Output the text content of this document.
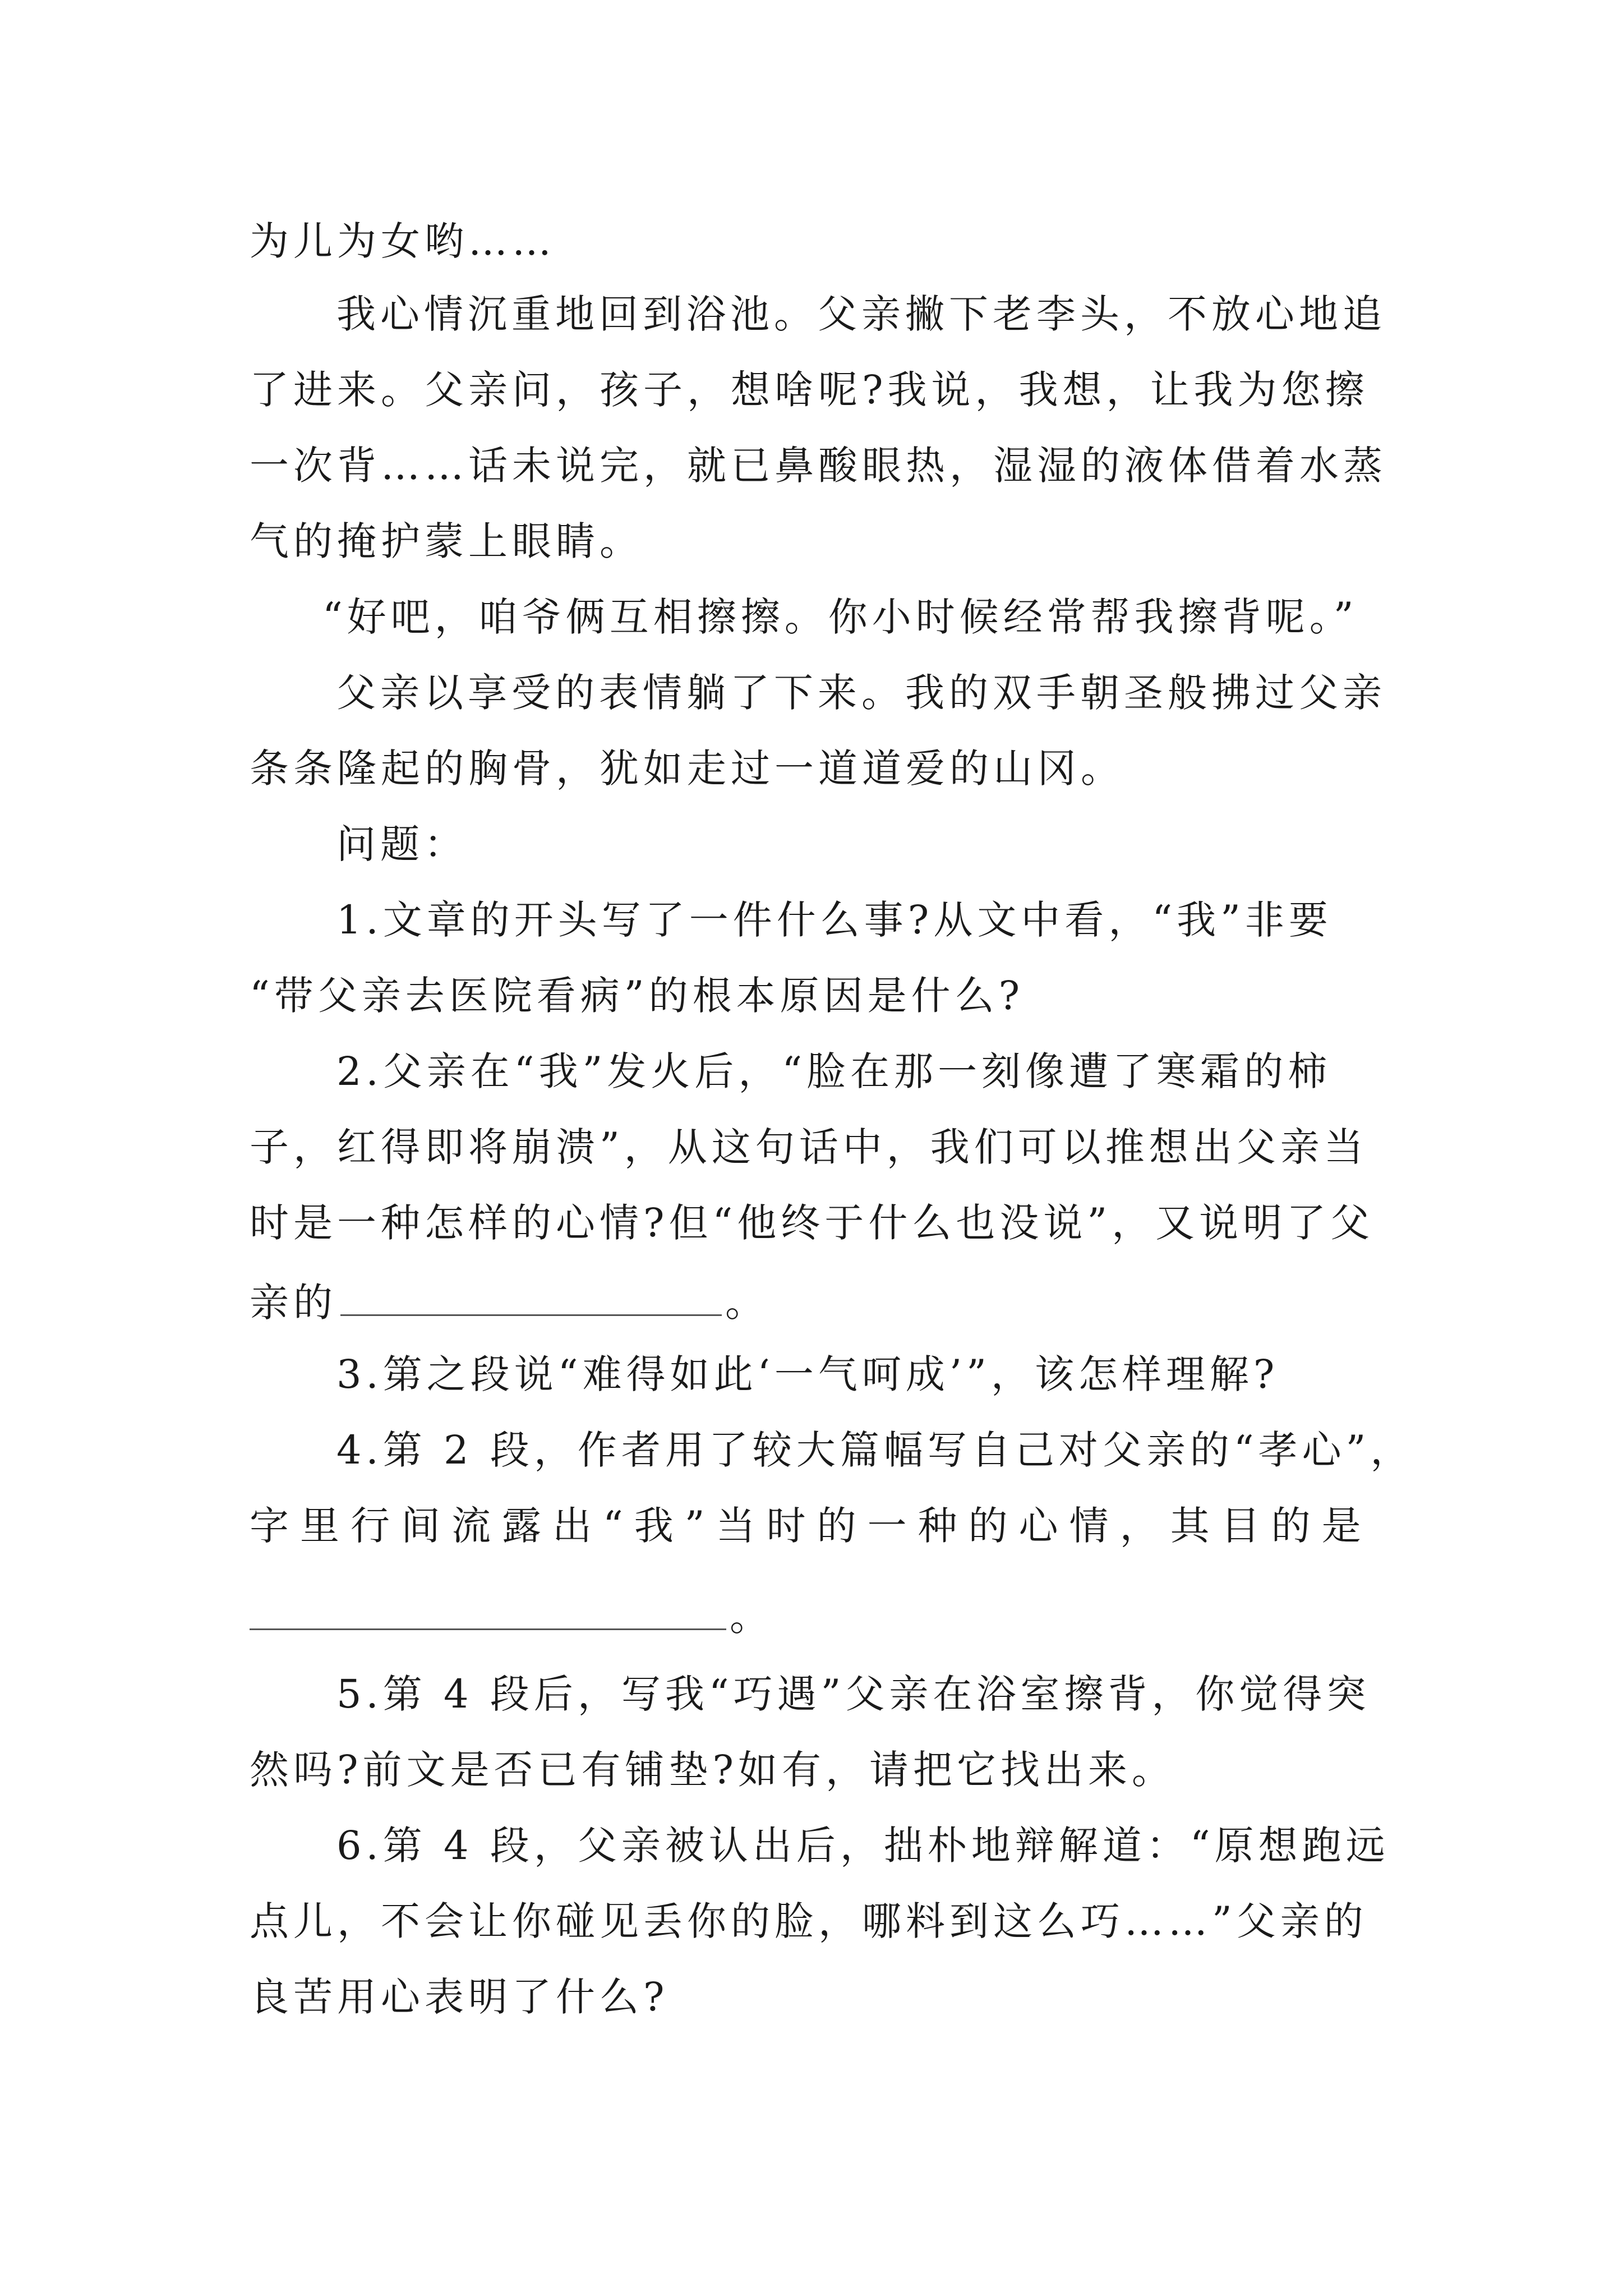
为儿为女哟……
我心情沉重地回到浴池。父亲撇下老李头，不放心地追
了进来。父亲问，孩子，想啥呢?我说，我想，让我为您擦
一次背……话未说完，就已鼻酸眼热，湿湿的液体借着水蒸
气的掩护蒙上眼睛。
“好吧，咱爷俩互相擦擦。你小时候经常帮我擦背呢。”
父亲以享受的表情躺了下来。我的双手朝圣般拂过父亲
条条隆起的胸骨，犹如走过一道道爱的山冈。
问题：
1.文章的开头写了一件什么事?从文中看，“我”非要
“带父亲去医院看病”的根本原因是什么?
2.父亲在“我”发火后，“脸在那一刻像遭了寒霜的柿
子，红得即将崩溃”，从这句话中，我们可以推想出父亲当
时是一种怎样的心情?但“他终于什么也没说”，又说明了父
亲的	。
3.第之段说“难得如此‘一气呵成’”，该怎样理解?
4.第 2 段，作者用了较大篇幅写自己对父亲的“孝心”，
字里行间流露出“我”当时的一种的心情，其目的是
。
5.第 4 段后，写我“巧遇”父亲在浴室擦背，你觉得突
然吗?前文是否已有铺垫?如有，请把它找出来。
6.第 4 段，父亲被认出后，拙朴地辩解道：“原想跑远
点儿，不会让你碰见丢你的脸，哪料到这么巧……”父亲的
良苦用心表明了什么?
